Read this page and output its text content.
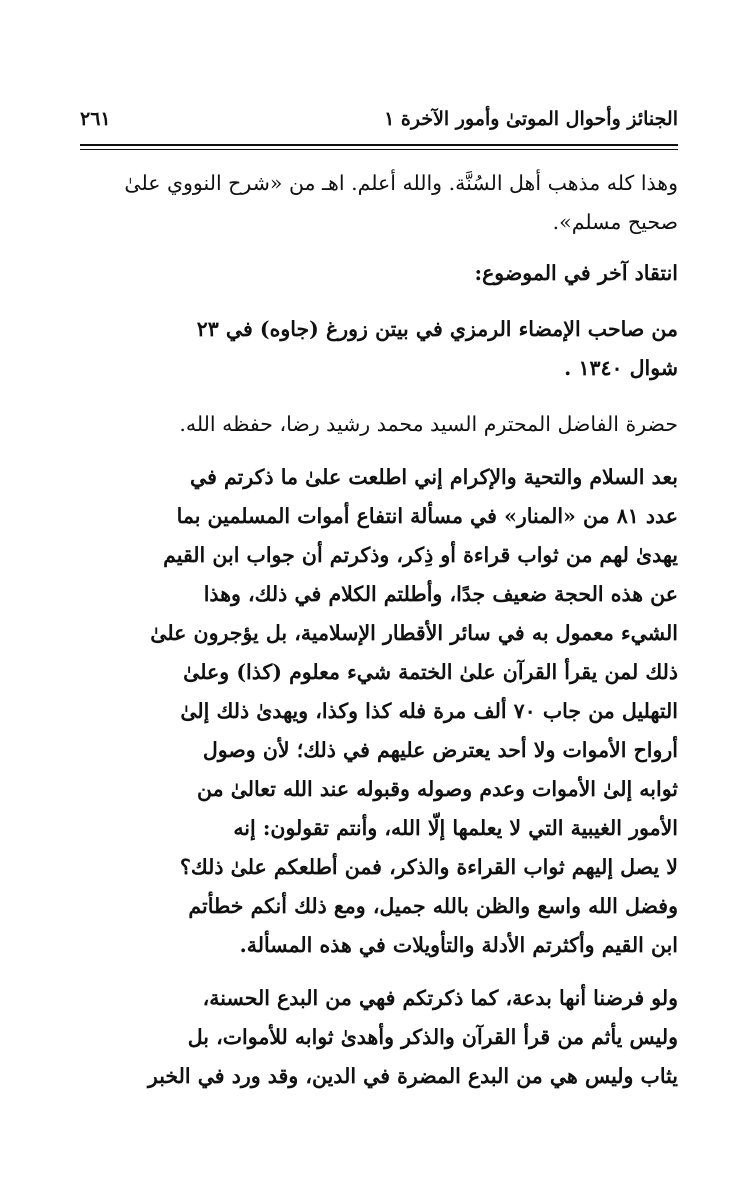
الجنائز وأحوال الموتىٰ وأمور الآخرة ١
٢٦١

وهذا كله مذهب أهل السُنَّة. والله أعلم. اهـ من «شرح النووي علىٰ
صحيح مسلم».

انتقاد آخر في الموضوع:

من صاحب الإمضاء الرمزي في بيتن زورغ (جاوه) في ٢٣
شوال ١٣٤٠ .

حضرة الفاضل المحترم السيد محمد رشيد رضا، حفظه الله.

بعد السلام والتحية والإكرام إني اطلعت علىٰ ما ذكرتم في
عدد ٨١ من «المنار» في مسألة انتفاع أموات المسلمين بما
يهدىٰ لهم من ثواب قراءة أو ذِكر، وذكرتم أن جواب ابن القيم
عن هذه الحجة ضعيف جدًا، وأطلتم الكلام في ذلك، وهذا
الشيء معمول به في سائر الأقطار الإسلامية، بل يؤجرون علىٰ
ذلك لمن يقرأ القرآن علىٰ الختمة شيء معلوم (كذا) وعلىٰ
التهليل من جاب ٧٠ ألف مرة فله كذا وكذا، ويهدىٰ ذلك إلىٰ
أرواح الأموات ولا أحد يعترض عليهم في ذلك؛ لأن وصول
ثوابه إلىٰ الأموات وعدم وصوله وقبوله عند الله تعالىٰ من
الأمور الغيبية التي لا يعلمها إلّا الله، وأنتم تقولون: إنه
لا يصل إليهم ثواب القراءة والذكر، فمن أطلعكم علىٰ ذلك؟
وفضل الله واسع والظن بالله جميل، ومع ذلك أنكم خطأتم
ابن القيم وأكثرتم الأدلة والتأويلات في هذه المسألة.

ولو فرضنا أنها بدعة، كما ذكرتكم فهي من البدع الحسنة،
وليس يأثم من قرأ القرآن والذكر وأهدىٰ ثوابه للأموات، بل
يثاب وليس هي من البدع المضرة في الدين، وقد ورد في الخبر
